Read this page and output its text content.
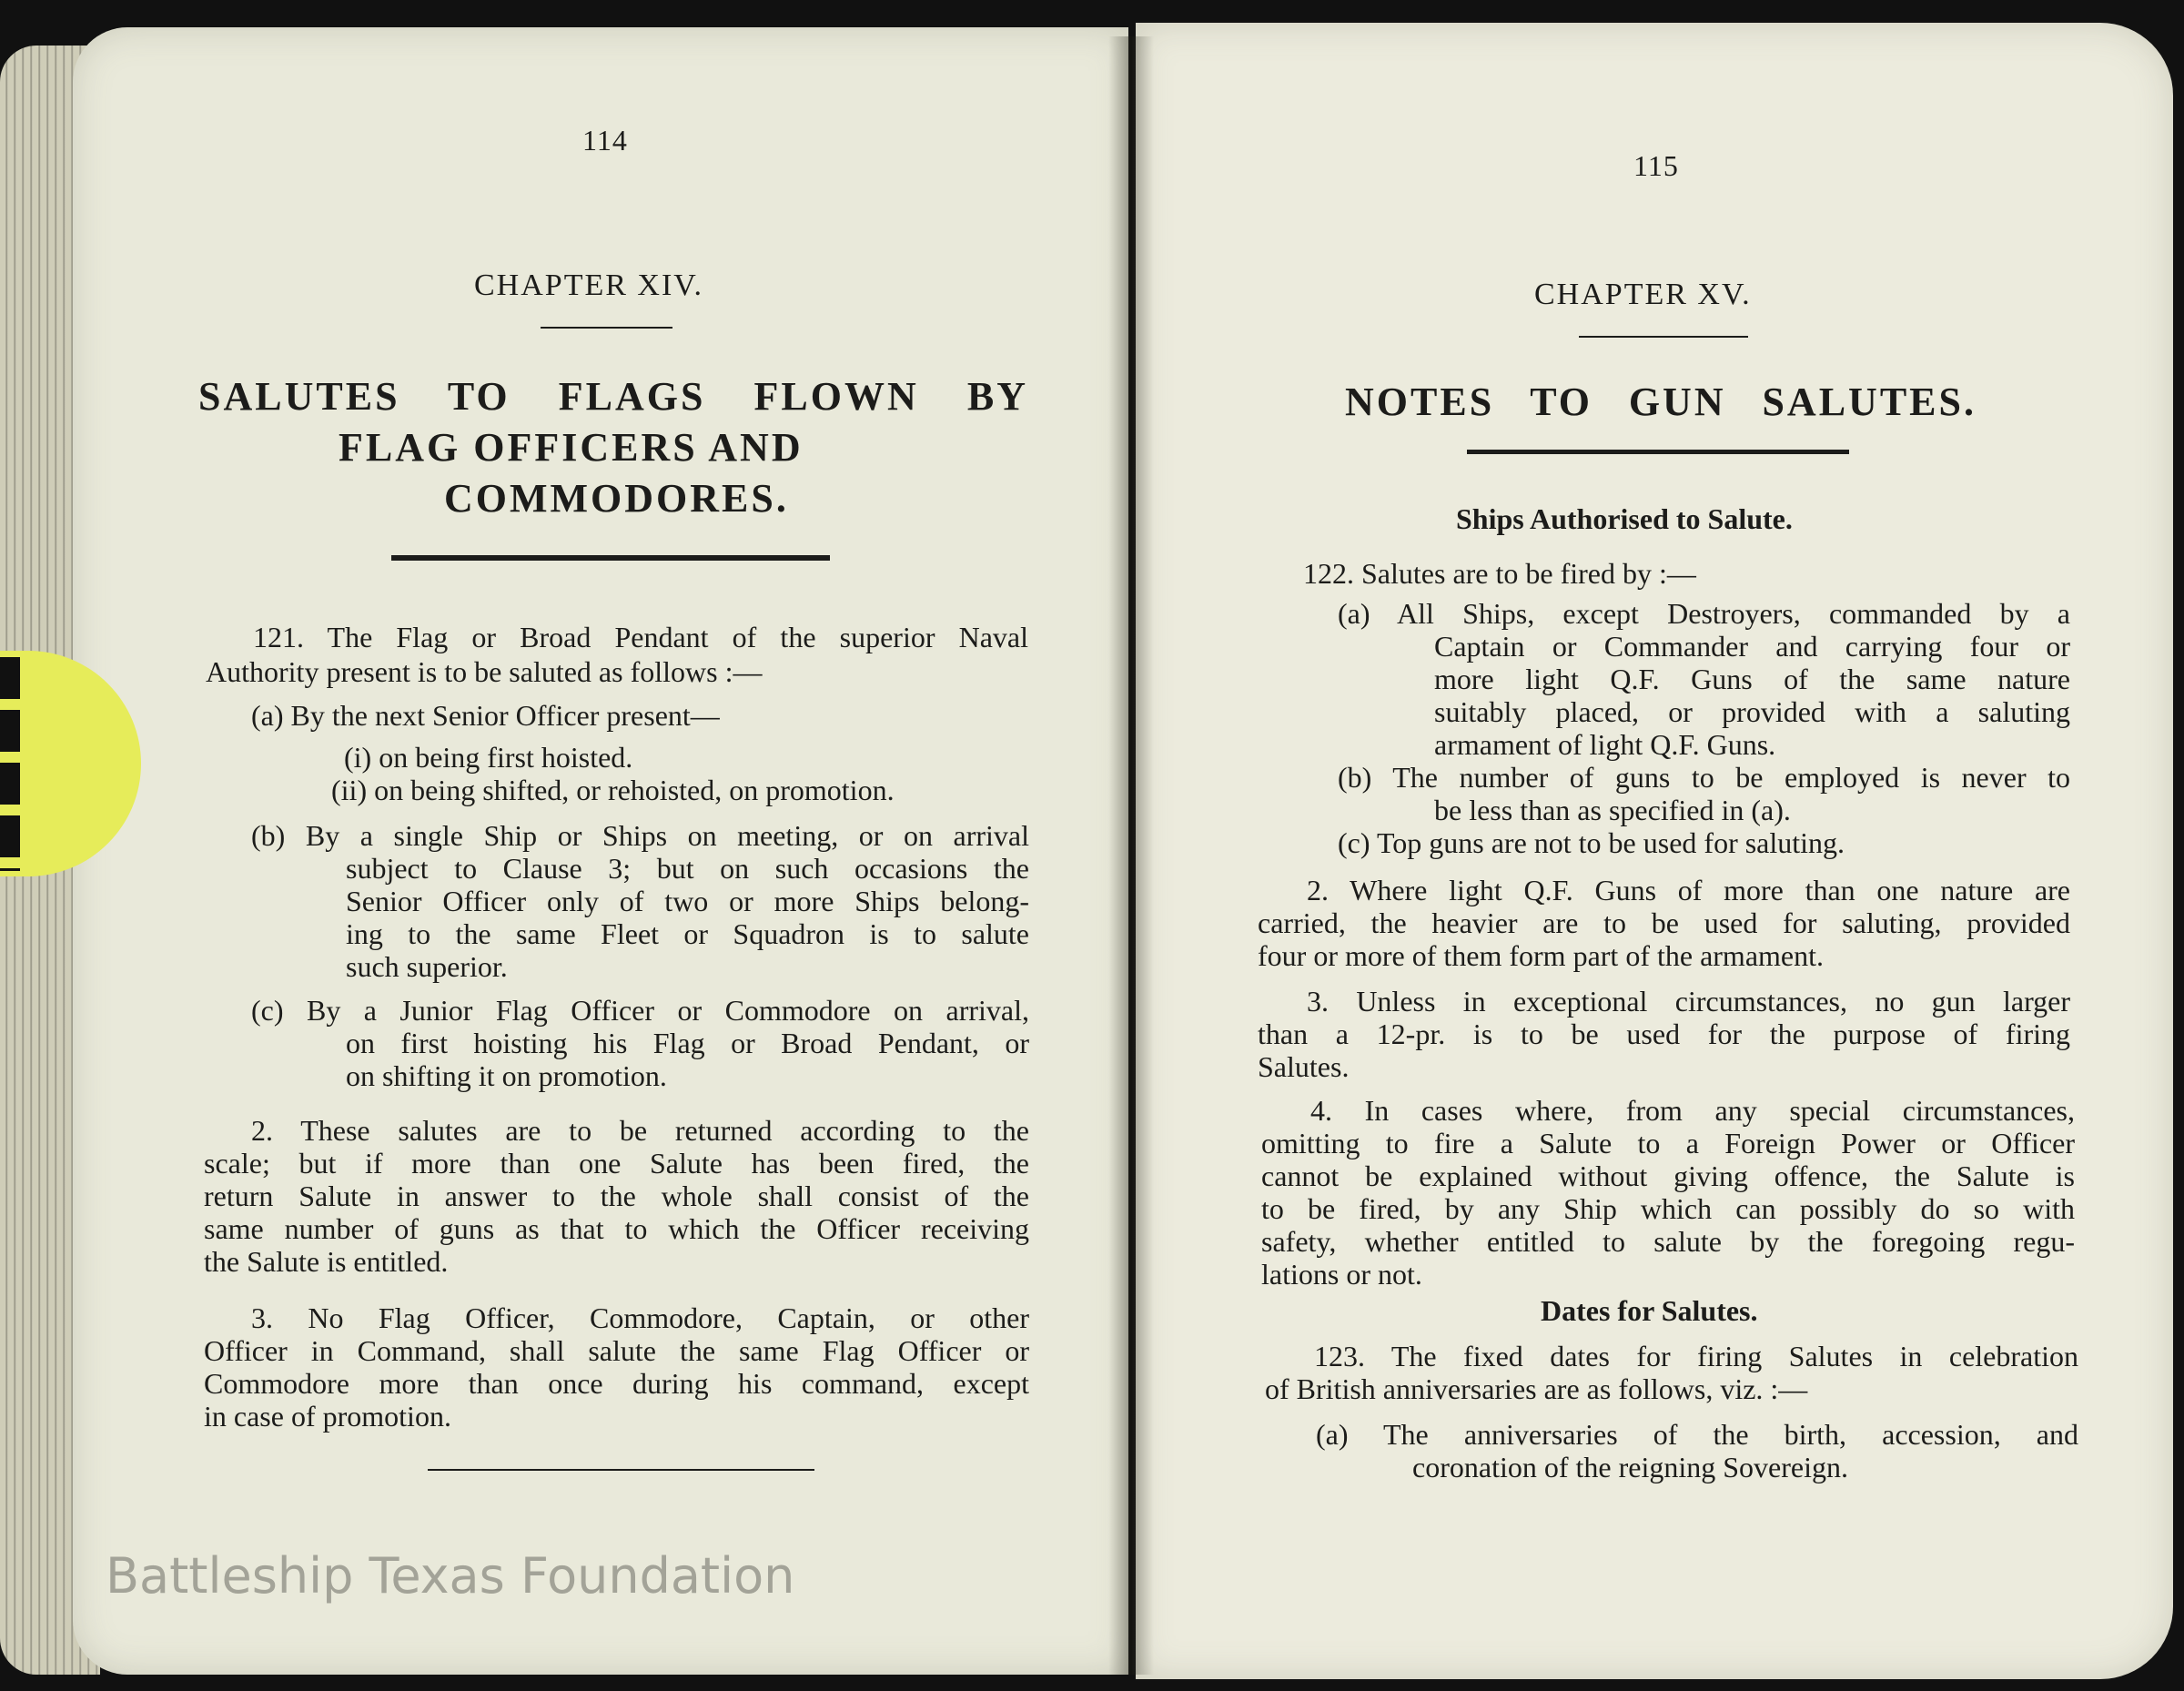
114
CHAPTER XIV.
SALUTES TO FLAGS FLOWN BY
FLAG OFFICERS AND
COMMODORES.
121. The Flag or Broad Pendant of the superior Naval
Authority present is to be saluted as follows :—
(a) By the next Senior Officer present—
(i) on being first hoisted.
(ii) on being shifted, or rehoisted, on promotion.
(b) By a single Ship or Ships on meeting, or on arrival
subject to Clause 3; but on such occasions the
Senior Officer only of two or more Ships belong-
ing to the same Fleet or Squadron is to salute
such superior.
(c) By a Junior Flag Officer or Commodore on arrival,
on first hoisting his Flag or Broad Pendant, or
on shifting it on promotion.
2. These salutes are to be returned according to the
scale; but if more than one Salute has been fired, the
return Salute in answer to the whole shall consist of the
same number of guns as that to which the Officer receiving
the Salute is entitled.
3. No Flag Officer, Commodore, Captain, or other
Officer in Command, shall salute the same Flag Officer or
Commodore more than once during his command, except
in case of promotion.
115
CHAPTER XV.
NOTES TO GUN SALUTES.
Ships Authorised to Salute.
122. Salutes are to be fired by :—
(a) All Ships, except Destroyers, commanded by a
Captain or Commander and carrying four or
more light Q.F. Guns of the same nature
suitably placed, or provided with a saluting
armament of light Q.F. Guns.
(b) The number of guns to be employed is never to
be less than as specified in (a).
(c) Top guns are not to be used for saluting.
2. Where light Q.F. Guns of more than one nature are
carried, the heavier are to be used for saluting, provided
four or more of them form part of the armament.
3. Unless in exceptional circumstances, no gun larger
than a 12-pr. is to be used for the purpose of firing
Salutes.
4. In cases where, from any special circumstances,
omitting to fire a Salute to a Foreign Power or Officer
cannot be explained without giving offence, the Salute is
to be fired, by any Ship which can possibly do so with
safety, whether entitled to salute by the foregoing regu-
lations or not.
Dates for Salutes.
123. The fixed dates for firing Salutes in celebration
of British anniversaries are as follows, viz. :—
(a) The anniversaries of the birth, accession, and
coronation of the reigning Sovereign.
Battleship Texas Foundation
